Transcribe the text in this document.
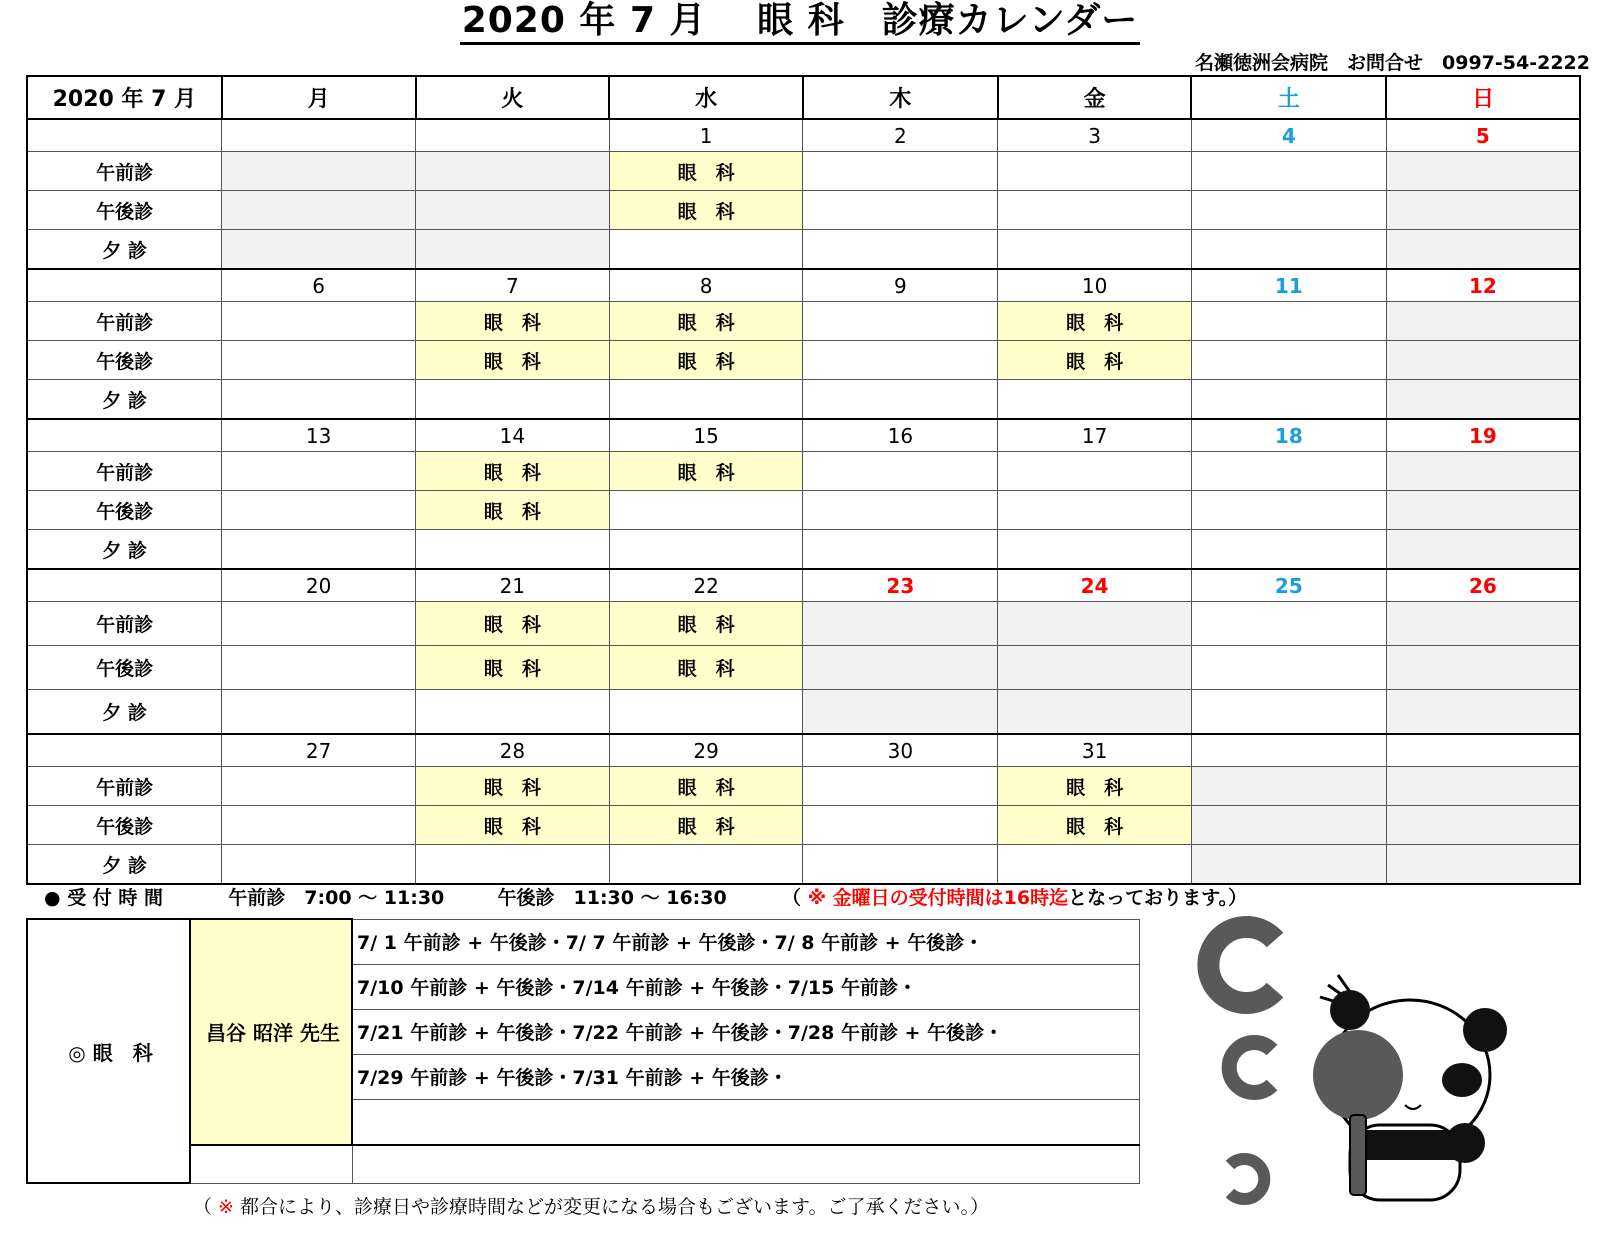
2020 年 7 月　 眼 科　診療カレンダー
名瀬徳洲会病院　お問合せ　0997-54-2222
2020 年 7 月	月	火	水	木	金	土	日
			1	2	3	4	5
午前診			眼　科				
午後診			眼　科				
夕 診							
	6	7	8	9	10	11	12
午前診		眼　科	眼　科		眼　科		
午後診		眼　科	眼　科		眼　科		
夕 診							
	13	14	15	16	17	18	19
午前診		眼　科	眼　科				
午後診		眼　科					
夕 診							
	20	21	22	23	24	25	26
午前診		眼　科	眼　科				
午後診		眼　科	眼　科				
夕 診							
	27	28	29	30	31		
午前診		眼　科	眼　科		眼　科		
午後診		眼　科	眼　科		眼　科		
夕 診							
● 受 付 時 間	午前診　7:00 ～ 11:30	午後診　11:30 ～ 16:30	（ ※ 金曜日の受付時間は16時迄となっております。）
◎ 眼　科	昌谷 昭洋 先生	7/ 1 午前診 + 午後診・7/ 7 午前診 + 午後診・7/ 8 午前診 + 午後診・
		7/10 午前診 + 午後診・7/14 午前診 + 午後診・7/15 午前診・
		7/21 午前診 + 午後診・7/22 午前診 + 午後診・7/28 午前診 + 午後診・
		7/29 午前診 + 午後診・7/31 午前診 + 午後診・

（ ※ 都合により、診療日や診療時間などが変更になる場合もございます。ご了承ください。）
